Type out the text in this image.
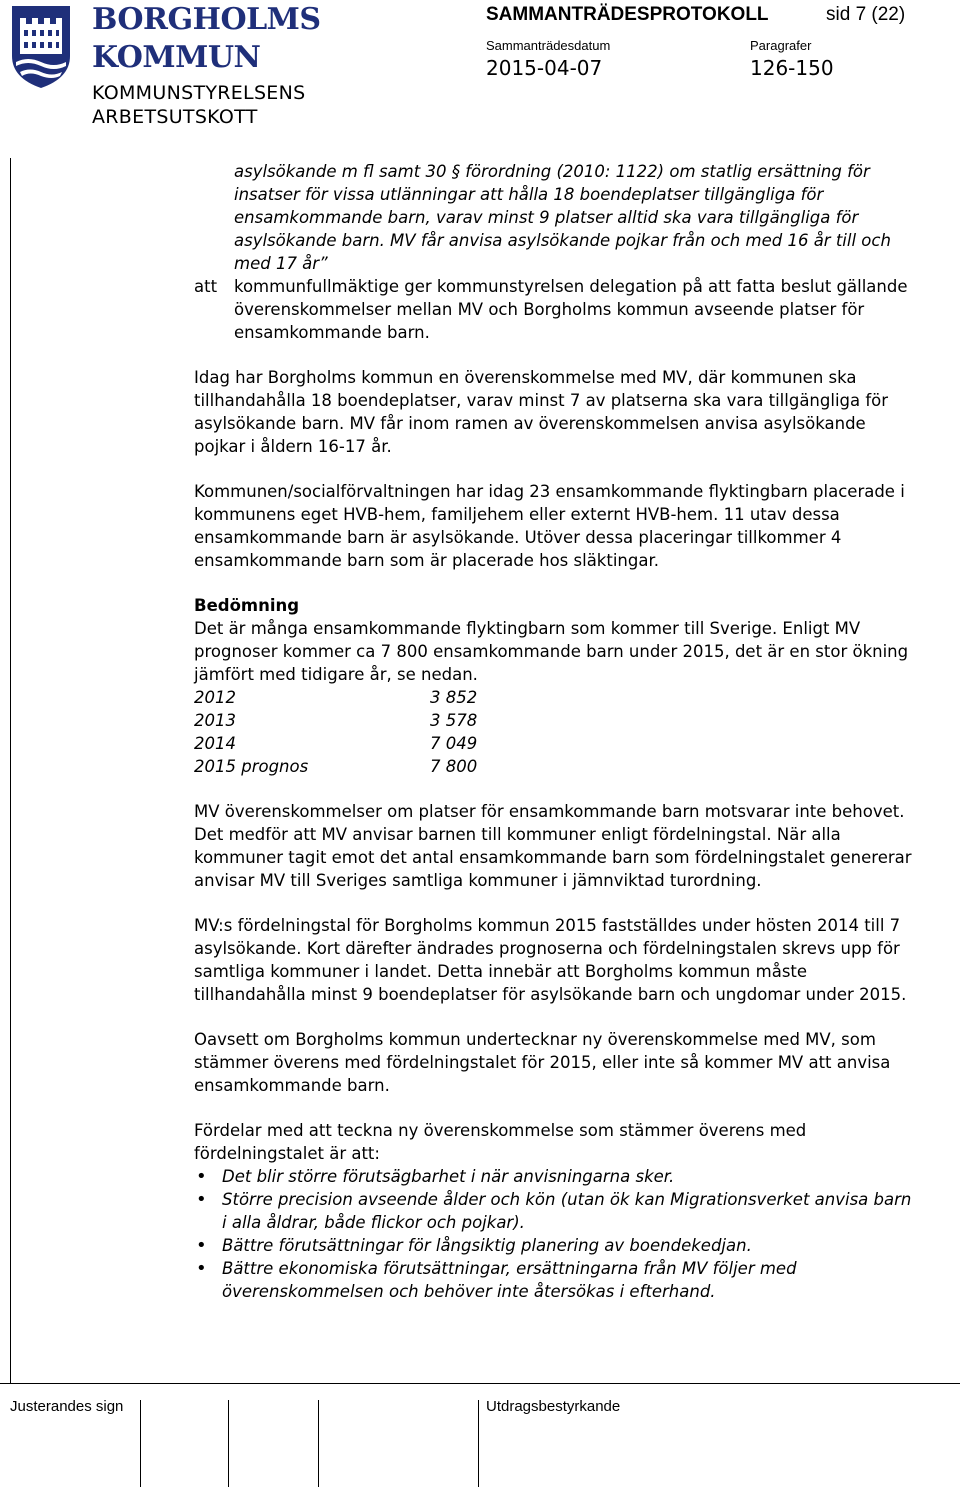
BORGHOLMS
KOMMUN
KOMMUNSTYRELSENS
ARBETSUTSKOTT
SAMMANTRÄDESPROTOKOLL	sid 7 (22)
Sammanträdesdatum	Paragrafer
2015-04-07	126-150

asylsökande m fl samt 30 § förordning (2010: 1122) om statlig ersättning för insatser för vissa utlänningar att hålla 18 boendeplatser tillgängliga för ensamkommande barn, varav minst 9 platser alltid ska vara tillgängliga för asylsökande barn. MV får anvisa asylsökande pojkar från och med 16 år till och med 17 år”

att kommunfullmäktige ger kommunstyrelsen delegation på att fatta beslut gällande överenskommelser mellan MV och Borgholms kommun avseende platser för ensamkommande barn.

Idag har Borgholms kommun en överenskommelse med MV, där kommunen ska tillhandahålla 18 boendeplatser, varav minst 7 av platserna ska vara tillgängliga för asylsökande barn. MV får inom ramen av överenskommelsen anvisa asylsökande pojkar i åldern 16-17 år.

Kommunen/socialförvaltningen har idag 23 ensamkommande flyktingbarn placerade i kommunens eget HVB-hem, familjehem eller externt HVB-hem. 11 utav dessa ensamkommande barn är asylsökande. Utöver dessa placeringar tillkommer 4 ensamkommande barn som är placerade hos släktingar.

Bedömning

Det är många ensamkommande flyktingbarn som kommer till Sverige. Enligt MV prognoser kommer ca 7 800 ensamkommande barn under 2015, det är en stor ökning jämfört med tidigare år, se nedan.

2012	3 852
2013	3 578
2014	7 049
2015 prognos	7 800

MV överenskommelser om platser för ensamkommande barn motsvarar inte behovet. Det medför att MV anvisar barnen till kommuner enligt fördelningstal. När alla kommuner tagit emot det antal ensamkommande barn som fördelningstalet genererar anvisar MV till Sveriges samtliga kommuner i jämnviktad turordning.

MV:s fördelningstal för Borgholms kommun 2015 fastställdes under hösten 2014 till 7 asylsökande. Kort därefter ändrades prognoserna och fördelningstalen skrevs upp för samtliga kommuner i landet. Detta innebär att Borgholms kommun måste tillhandahålla minst 9 boendeplatser för asylsökande barn och ungdomar under 2015.

Oavsett om Borgholms kommun undertecknar ny överenskommelse med MV, som stämmer överens med fördelningstalet för 2015, eller inte så kommer MV att anvisa ensamkommande barn.

Fördelar med att teckna ny överenskommelse som stämmer överens med fördelningstalet är att:

• Det blir större förutsägbarhet i när anvisningarna sker.
• Större precision avseende ålder och kön (utan ök kan Migrationsverket anvisa barn i alla åldrar, både flickor och pojkar).
• Bättre förutsättningar för långsiktig planering av boendekedjan.
• Bättre ekonomiska förutsättningar, ersättningarna från MV följer med överenskommelsen och behöver inte återsökas i efterhand.
Justerandes sign	Utdragsbestyrkande
